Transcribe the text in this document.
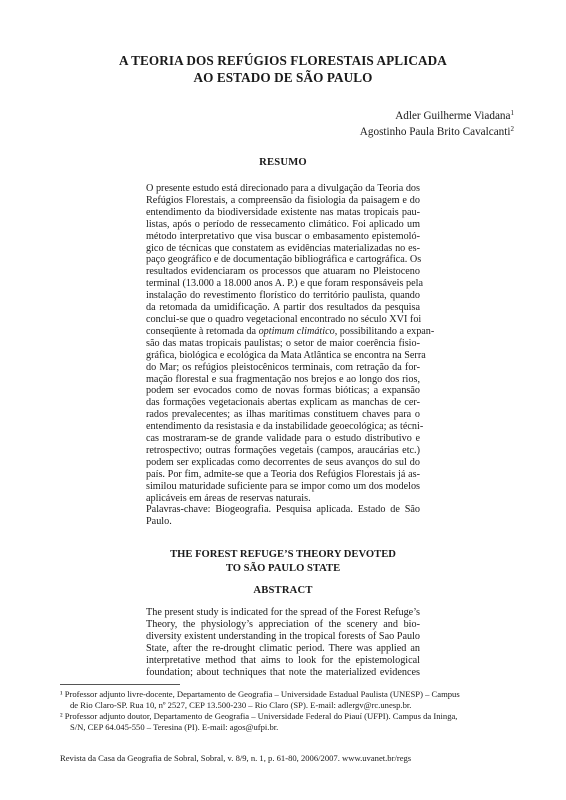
A TEORIA DOS REFÚGIOS FLORESTAIS APLICADA
AO ESTADO DE SÃO PAULO
Adler Guilherme Viadana$^1$
Agostinho Paula Brito Cavalcanti$^2$
RESUMO
O presente estudo está direcionado para a divulgação da Teoria dos
Refúgios Florestais, a compreensão da fisiologia da paisagem e do
entendimento da biodiversidade existente nas matas tropicais pau-
listas, após o período de ressecamento climático. Foi aplicado um
método interpretativo que visa buscar o embasamento epistemoló-
gico de técnicas que constatem as evidências materializadas no es-
paço geográfico e de documentação bibliográfica e cartográfica. Os
resultados evidenciaram os processos que atuaram no Pleistoceno
terminal (13.000 a 18.000 anos A. P.) e que foram responsáveis pela
instalação do revestimento florístico do território paulista, quando
da retomada da umidificação. A partir dos resultados da pesquisa
conclui-se que o quadro vegetacional encontrado no século XVI foi
conseqüente à retomada da optimum climático, possibilitando a expan-
são das matas tropicais paulistas; o setor de maior coerência fisio-
gráfica, biológica e ecológica da Mata Atlântica se encontra na Serra
do Mar; os refúgios pleistocênicos terminais, com retração da for-
mação florestal e sua fragmentação nos brejos e ao longo dos rios,
podem ser evocados como de novas formas bióticas; a expansão
das formações vegetacionais abertas explicam as manchas de cer-
rados prevalecentes; as ilhas marítimas constituem chaves para o
entendimento da resistasia e da instabilidade geoecológica; as técni-
cas mostraram-se de grande validade para o estudo distributivo e
retrospectivo; outras formações vegetais (campos, araucárias etc.)
podem ser explicadas como decorrentes de seus avanços do sul do
país. Por fim, admite-se que a Teoria dos Refúgios Florestais já as-
similou maturidade suficiente para se impor como um dos modelos
aplicáveis em áreas de reservas naturais.
Palavras-chave: Biogeografia. Pesquisa aplicada. Estado de São
Paulo.
THE FOREST REFUGE’S THEORY DEVOTED
TO SÃO PAULO STATE
ABSTRACT
The present study is indicated for the spread of the Forest Refuge’s
Theory, the physiology’s appreciation of the scenery and bio-
diversity existent understanding in the tropical forests of Sao Paulo
State, after the re-drought climatic period. There was applied an
interpretative method that aims to look for the epistemological
foundation; about techniques that note the materialized evidences
¹ Professor adjunto livre-docente, Departamento de Geografia – Universidade Estadual Paulista (UNESP) – Campus
de Rio Claro-SP. Rua 10, nº 2527, CEP 13.500-230 – Rio Claro (SP). E-mail: adlergv@rc.unesp.br.
² Professor adjunto doutor, Departamento de Geografia – Universidade Federal do Piauí (UFPI). Campus da Ininga,
S/N, CEP 64.045-550 – Teresina (PI). E-mail: agos@ufpi.br.
Revista da Casa da Geografia de Sobral, Sobral, v. 8/9, n. 1, p. 61-80, 2006/2007. www.uvanet.br/regs
